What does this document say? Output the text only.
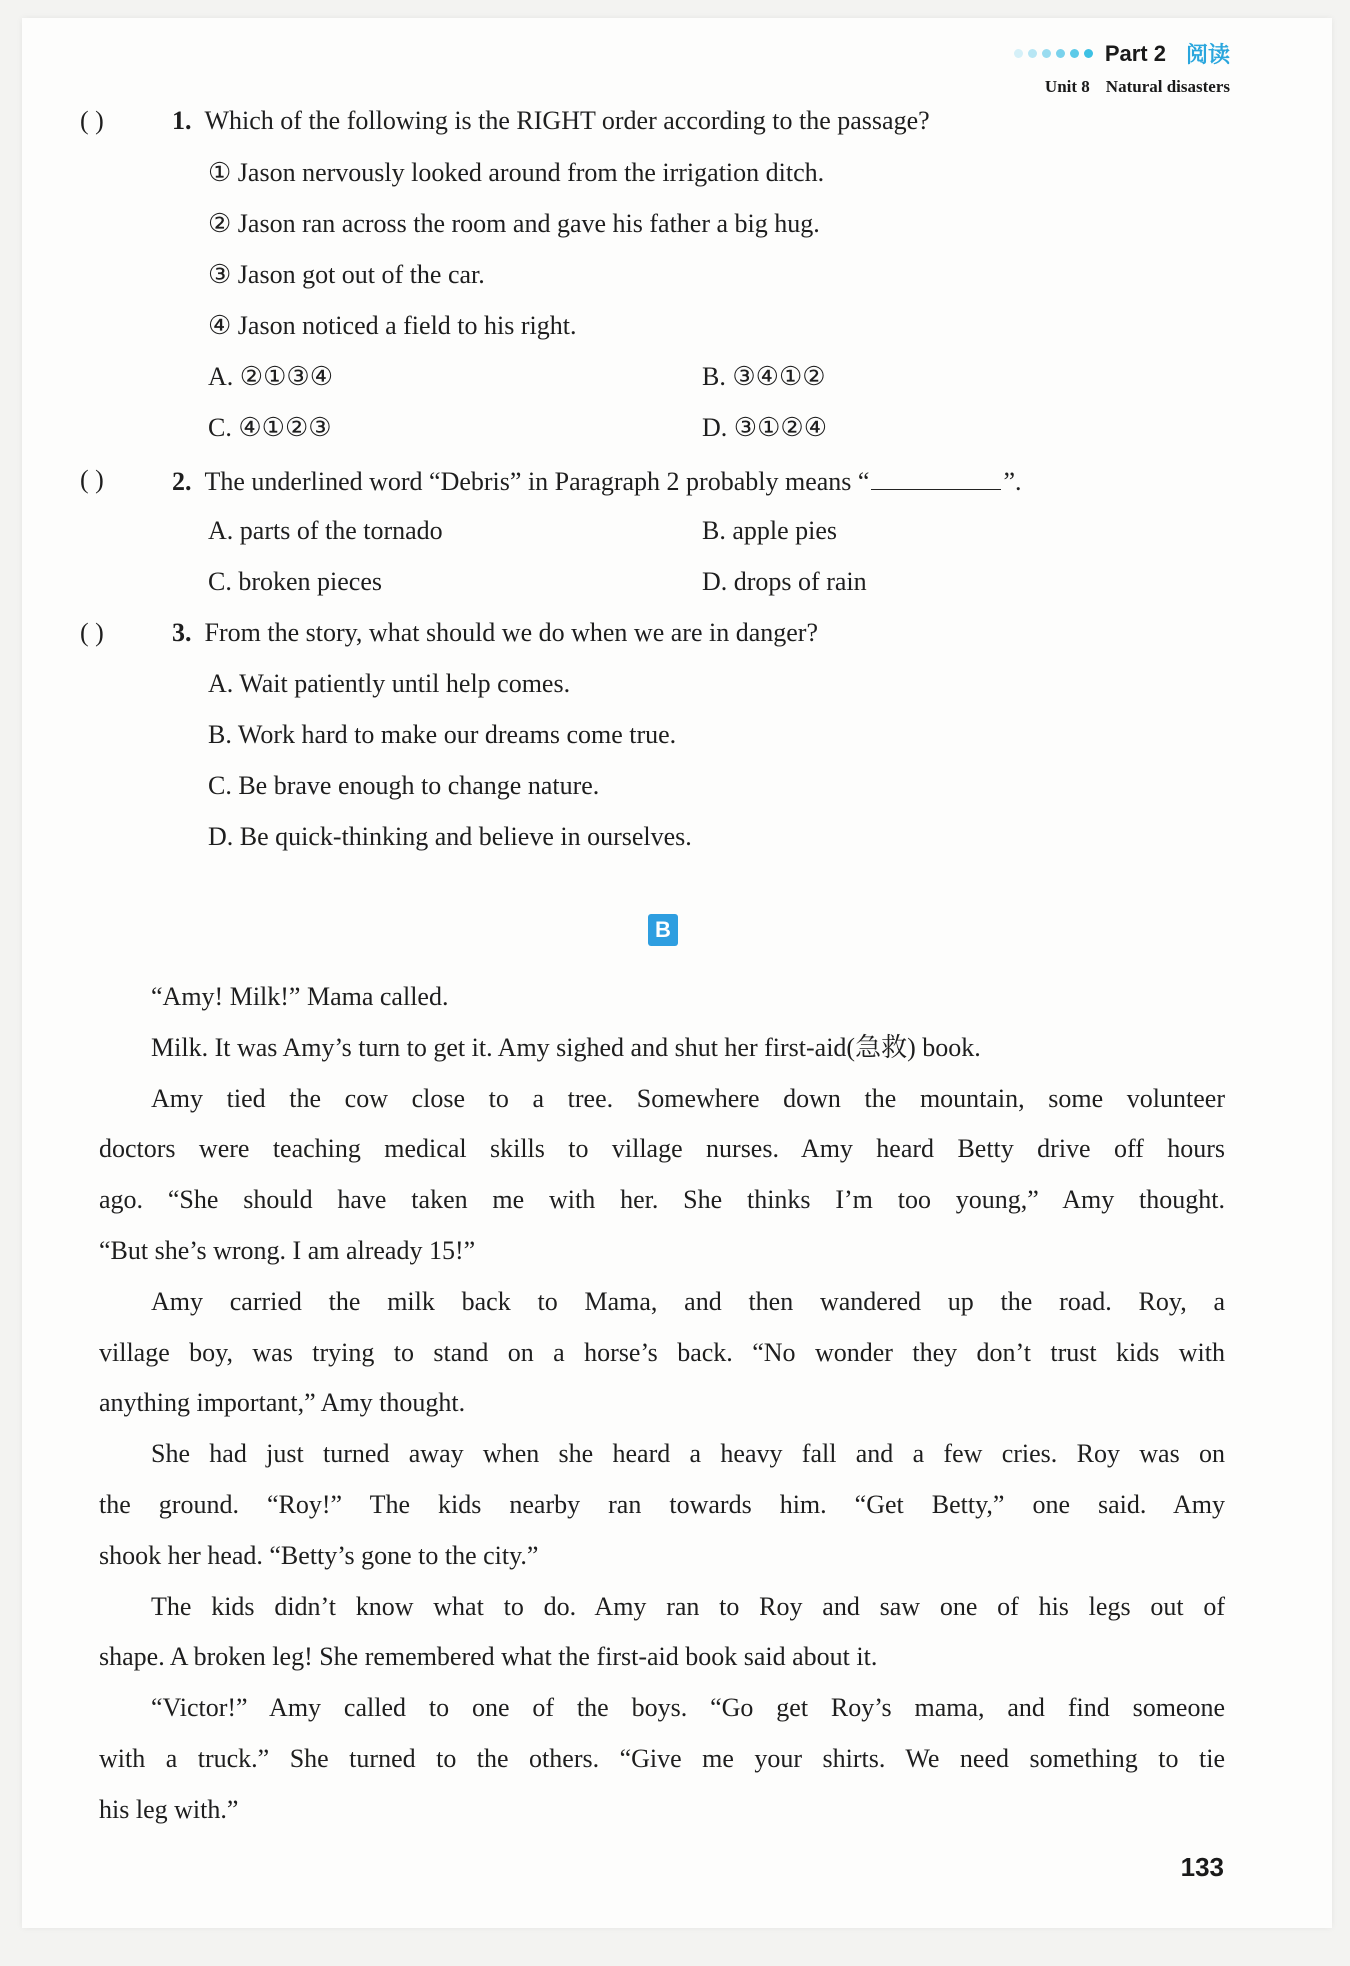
Part 2 阅读
Unit 8 Natural disasters
( )	1. Which of the following is the RIGHT order according to the passage?
① Jason nervously looked around from the irrigation ditch.
② Jason ran across the room and gave his father a big hug.
③ Jason got out of the car.
④ Jason noticed a field to his right.
A. ②①③④	B. ③④①②
C. ④①②③	D. ③①②④
( )	2. The underlined word “Debris” in Paragraph 2 probably means “	”.
A. parts of the tornado	B. apple pies
C. broken pieces	D. drops of rain
( )	3. From the story, what should we do when we are in danger?
A. Wait patiently until help comes.
B. Work hard to make our dreams come true.
C. Be brave enough to change nature.
D. Be quick-thinking and believe in ourselves.
B
“Amy! Milk!” Mama called.
Milk. It was Amy’s turn to get it. Amy sighed and shut her first-aid(急救) book.
Amy tied the cow close to a tree. Somewhere down the mountain, some volunteer
doctors were teaching medical skills to village nurses. Amy heard Betty drive off hours
ago. “She should have taken me with her. She thinks I’m too young,” Amy thought.
“But she’s wrong. I am already 15!”
Amy carried the milk back to Mama, and then wandered up the road. Roy, a
village boy, was trying to stand on a horse’s back. “No wonder they don’t trust kids with
anything important,” Amy thought.
She had just turned away when she heard a heavy fall and a few cries. Roy was on
the ground. “Roy!” The kids nearby ran towards him. “Get Betty,” one said. Amy
shook her head. “Betty’s gone to the city.”
The kids didn’t know what to do. Amy ran to Roy and saw one of his legs out of
shape. A broken leg! She remembered what the first-aid book said about it.
“Victor!” Amy called to one of the boys. “Go get Roy’s mama, and find someone
with a truck.” She turned to the others. “Give me your shirts. We need something to tie
his leg with.”
133
